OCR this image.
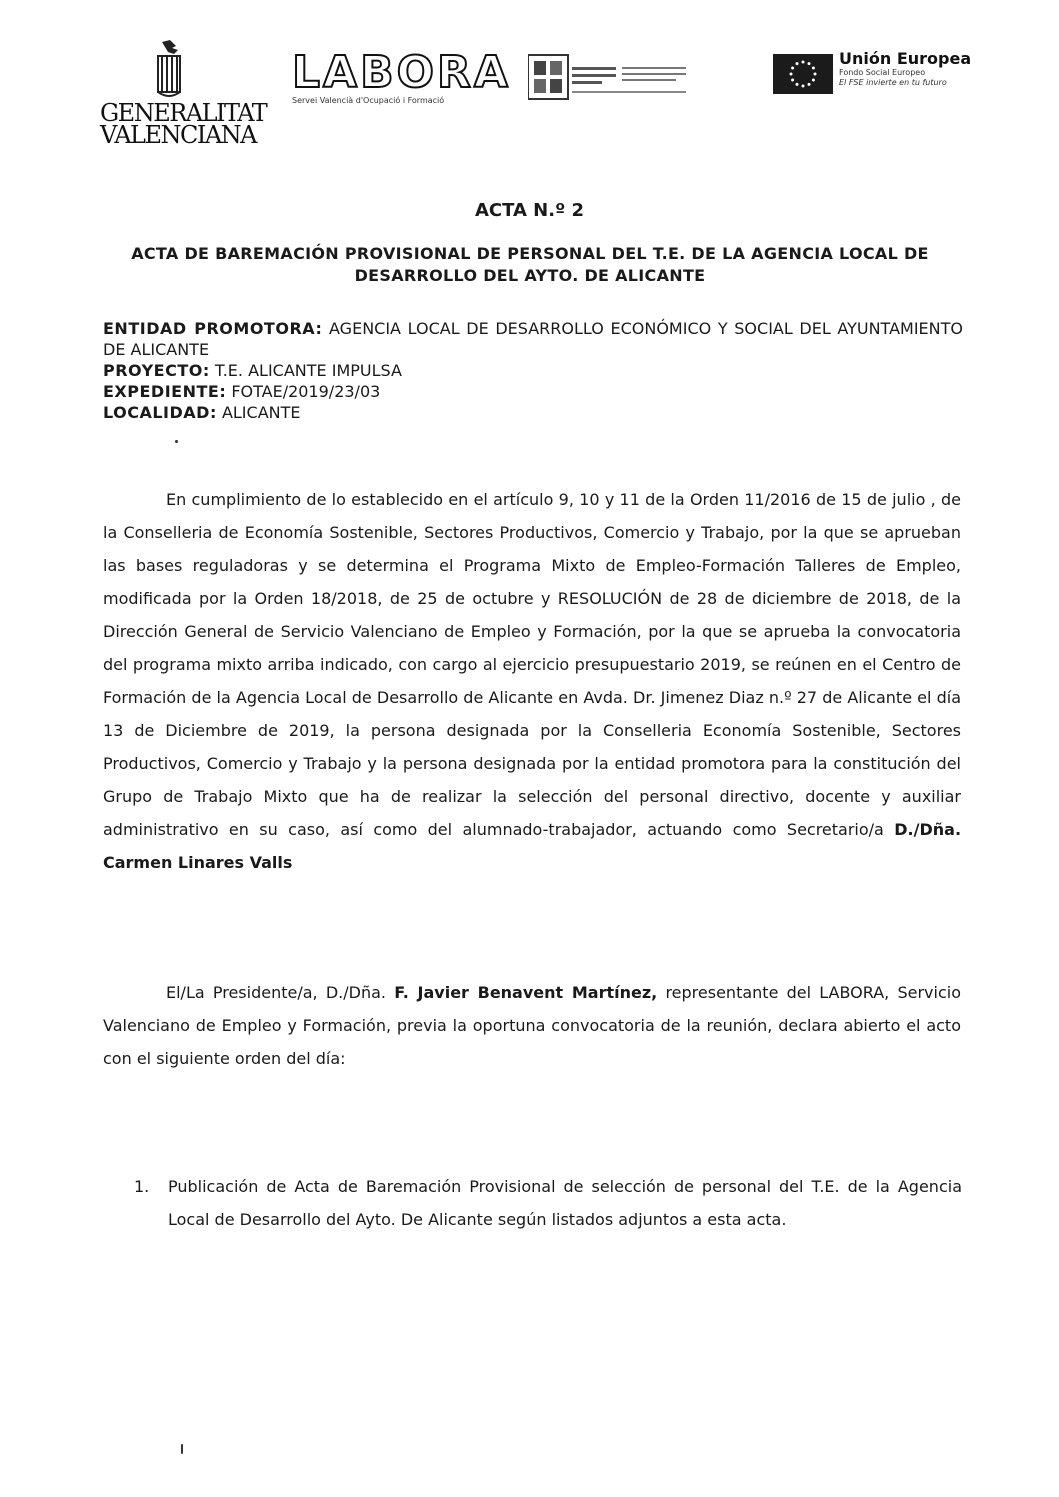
GENERALITAT
VALENCIANA
LABORA
Servei Valencià d'Ocupació i Formació
Unión Europea
Fondo Social Europeo
El FSE invierte en tu futuro
ACTA N.º 2
ACTA DE BAREMACIÓN PROVISIONAL DE PERSONAL DEL T.E. DE LA AGENCIA LOCAL DE DESARROLLO DEL AYTO. DE ALICANTE

ENTIDAD PROMOTORA: AGENCIA LOCAL DE DESARROLLO ECONÓMICO Y SOCIAL DEL AYUNTAMIENTO DE ALICANTE

PROYECTO: T.E. ALICANTE IMPULSA

EXPEDIENTE: FOTAE/2019/23/03

LOCALIDAD: ALICANTE

En cumplimiento de lo establecido en el artículo 9, 10 y 11 de la Orden 11/2016 de 15 de julio , de la Conselleria de Economía Sostenible, Sectores Productivos, Comercio y Trabajo, por la que se aprueban las bases reguladoras y se determina el Programa Mixto de Empleo-Formación Talleres de Empleo, modificada por la Orden 18/2018, de 25 de octubre y RESOLUCIÓN de 28 de diciembre de 2018, de la Dirección General de Servicio Valenciano de Empleo y Formación, por la que se aprueba la convocatoria del programa mixto arriba indicado, con cargo al ejercicio presupuestario 2019, se reúnen en el Centro de Formación de la Agencia Local de Desarrollo de Alicante en Avda. Dr. Jimenez Diaz n.º 27 de Alicante el día 13 de Diciembre de 2019, la persona designada por la Conselleria Economía Sostenible, Sectores Productivos, Comercio y Trabajo y la persona designada por la entidad promotora para la constitución del Grupo de Trabajo Mixto que ha de realizar la selección del personal directivo, docente y auxiliar administrativo en su caso, así como del alumnado-trabajador, actuando como Secretario/a D./Dña. Carmen Linares Valls
El/La Presidente/a, D./Dña. F. Javier Benavent Martínez, representante del LABORA, Servicio Valenciano de Empleo y Formación, previa la oportuna convocatoria de la reunión, declara abierto el acto con el siguiente orden del día:
1. Publicación de Acta de Baremación Provisional de selección de personal del T.E. de la Agencia Local de Desarrollo del Ayto. De Alicante según listados adjuntos a esta acta.
